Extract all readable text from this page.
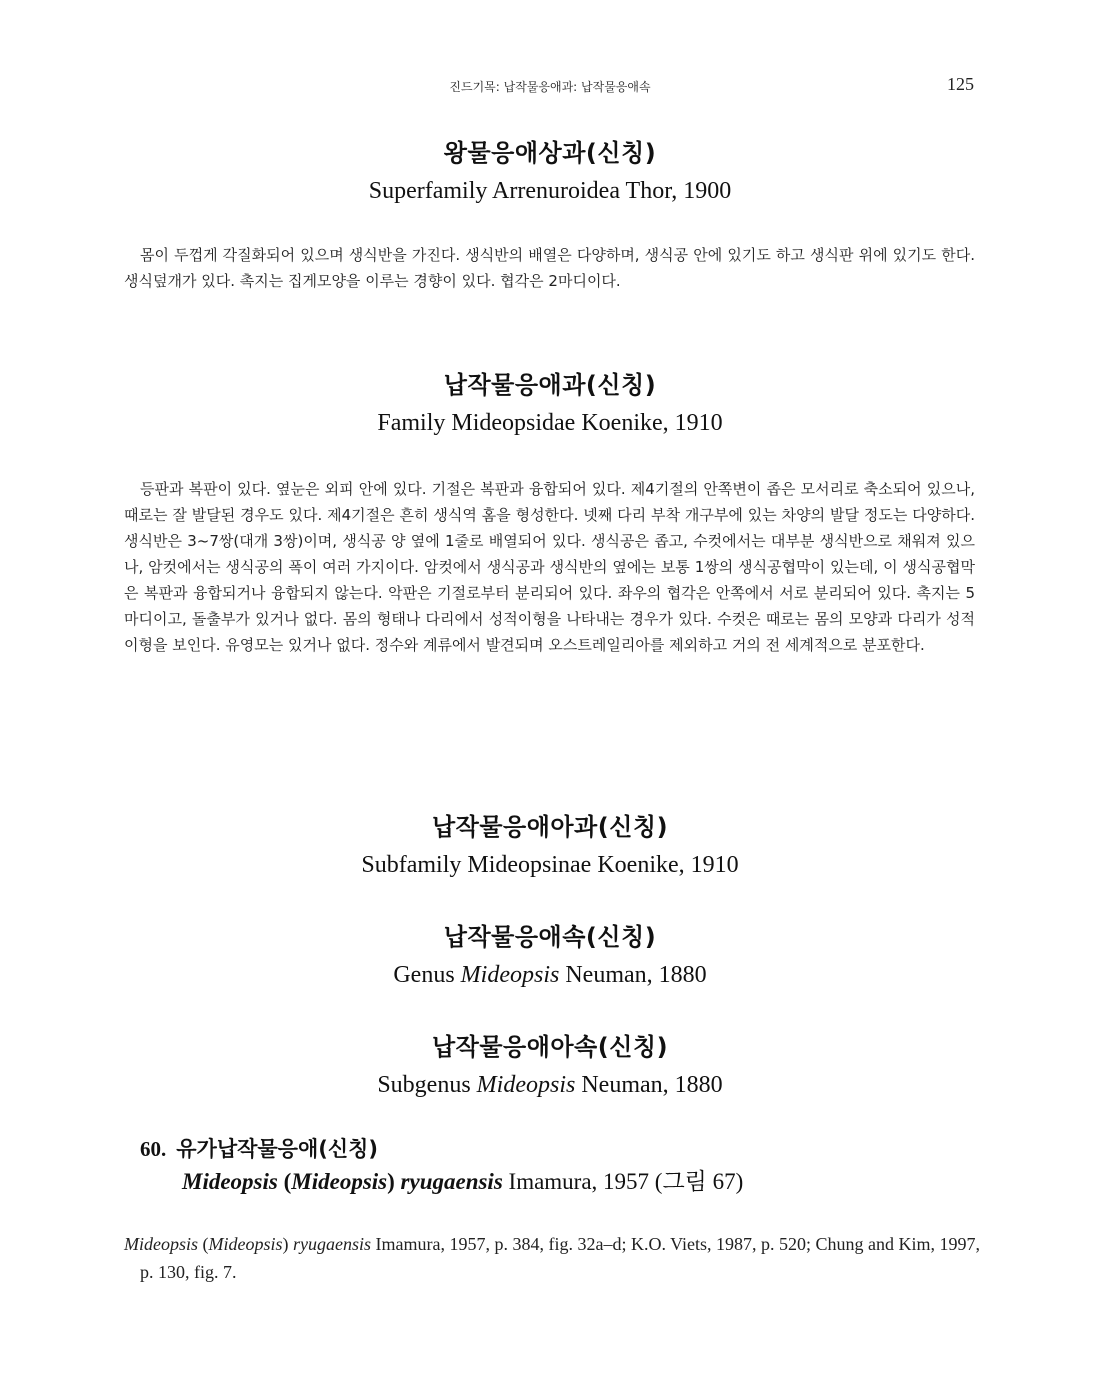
진드기목: 납작물응애과: 납작물응애속	125
왕물응애상과(신칭)
Superfamily Arrenuroidea Thor, 1900
몸이 두껍게 각질화되어 있으며 생식반을 가진다. 생식반의 배열은 다양하며, 생식공 안에 있기도 하고 생식판 위에 있기도 한다. 생식덮개가 있다. 촉지는 집게모양을 이루는 경향이 있다. 협각은 2마디이다.
납작물응애과(신칭)
Family Mideopsidae Koenike, 1910
등판과 복판이 있다. 옆눈은 외피 안에 있다. 기절은 복판과 융합되어 있다. 제4기절의 안쪽변이 좁은 모서리로 축소되어 있으나, 때로는 잘 발달된 경우도 있다. 제4기절은 흔히 생식역 홈을 형성한다. 넷째 다리 부착 개구부에 있는 차양의 발달 정도는 다양하다. 생식반은 3~7쌍(대개 3쌍)이며, 생식공 양 옆에 1줄로 배열되어 있다. 생식공은 좁고, 수컷에서는 대부분 생식반으로 채워져 있으나, 암컷에서는 생식공의 폭이 여러 가지이다. 암컷에서 생식공과 생식반의 옆에는 보통 1쌍의 생식공협막이 있는데, 이 생식공협막은 복판과 융합되거나 융합되지 않는다. 악판은 기절로부터 분리되어 있다. 좌우의 협각은 안쪽에서 서로 분리되어 있다. 촉지는 5마디이고, 돌출부가 있거나 없다. 몸의 형태나 다리에서 성적이형을 나타내는 경우가 있다. 수컷은 때로는 몸의 모양과 다리가 성적이형을 보인다. 유영모는 있거나 없다. 정수와 계류에서 발견되며 오스트레일리아를 제외하고 거의 전 세계적으로 분포한다.
납작물응애아과(신칭)
Subfamily Mideopsinae Koenike, 1910
납작물응애속(신칭)
Genus Mideopsis Neuman, 1880
납작물응애아속(신칭)
Subgenus Mideopsis Neuman, 1880
60. 유가납작물응애(신칭)
Mideopsis (Mideopsis) ryugaensis Imamura, 1957 (그림 67)
Mideopsis (Mideopsis) ryugaensis Imamura, 1957, p. 384, fig. 32a–d; K.O. Viets, 1987, p. 520; Chung and Kim, 1997, p. 130, fig. 7.
